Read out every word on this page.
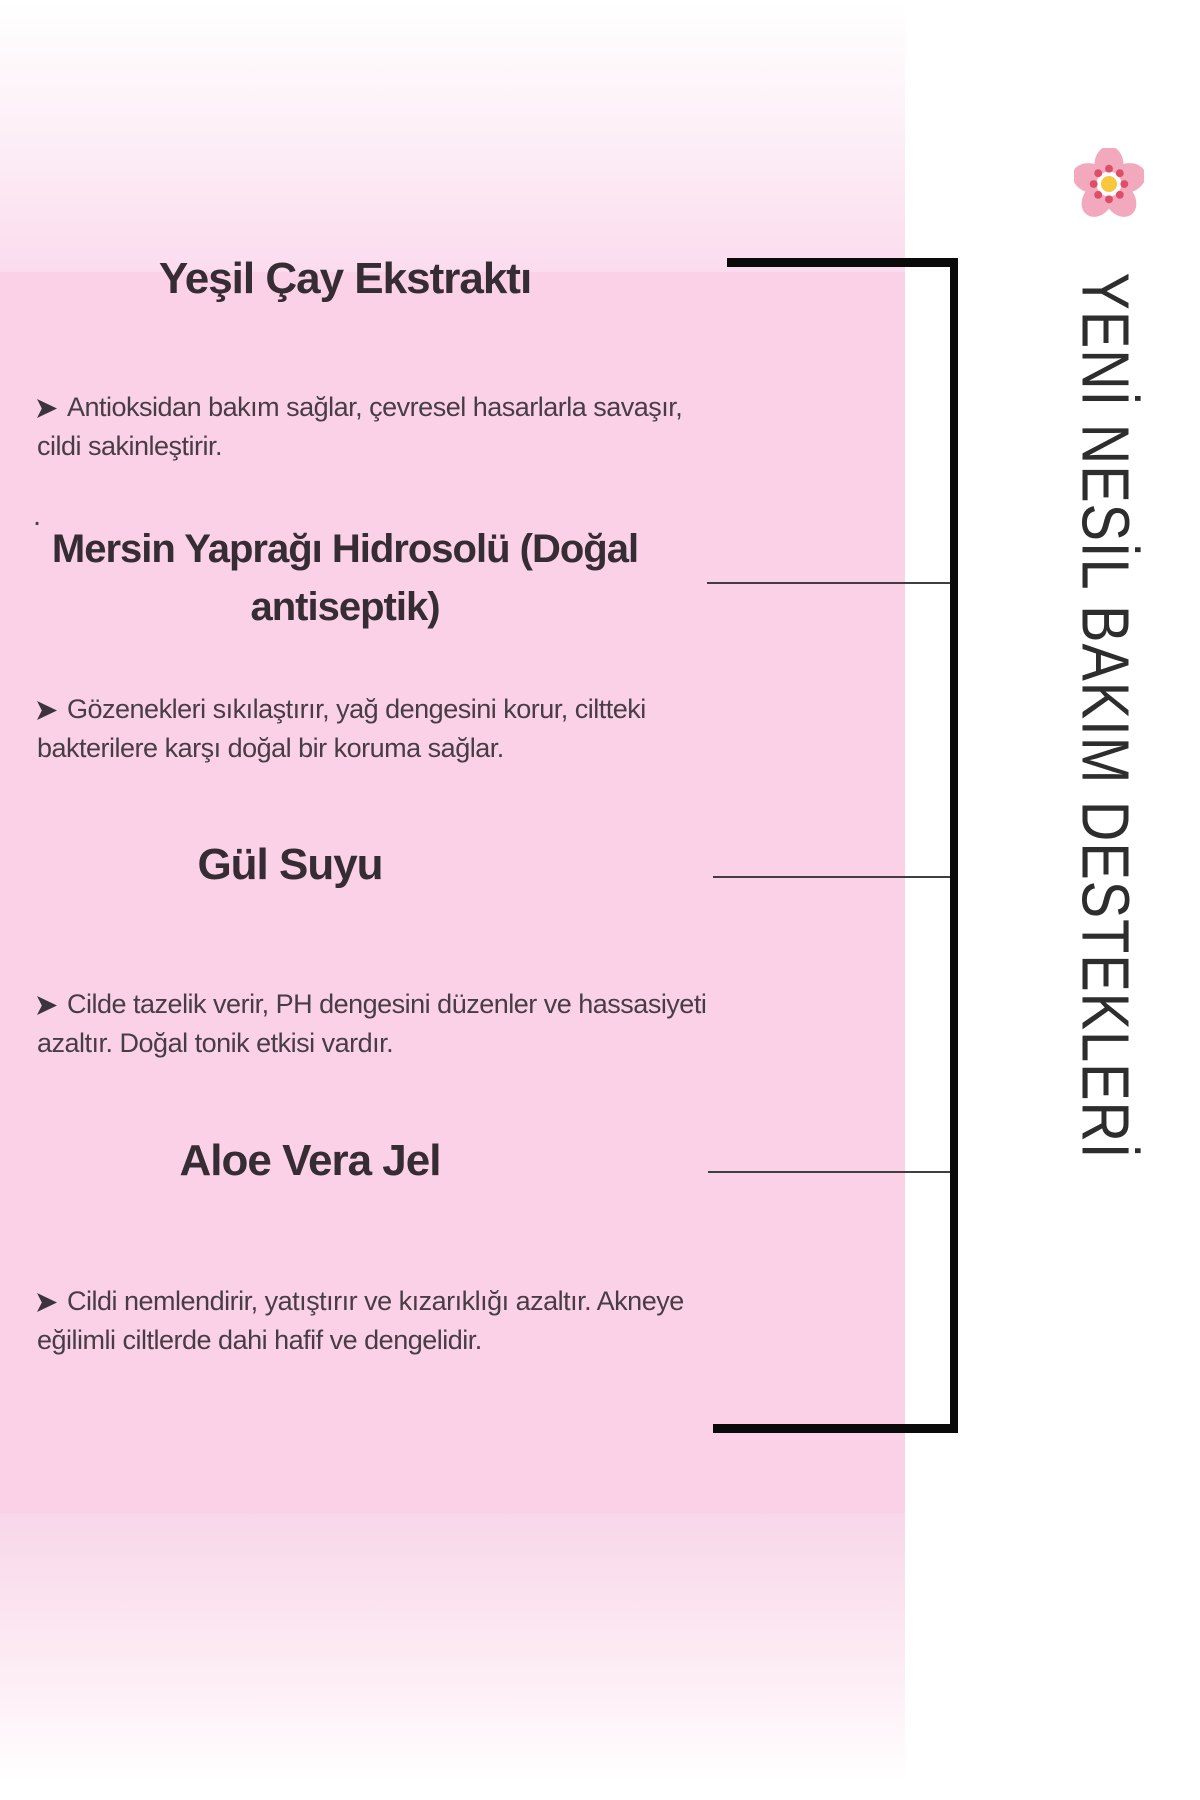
Yeşil Çay Ekstraktı
Antioksidan bakım sağlar, çevresel hasarlarla savaşır,
cildi sakinleştirir.
.
Mersin Yaprağı Hidrosolü (Doğal
antiseptik)
Gözenekleri sıkılaştırır, yağ dengesini korur, ciltteki
bakterilere karşı doğal bir koruma sağlar.
Gül Suyu
Cilde tazelik verir, PH dengesini düzenler ve hassasiyeti
azaltır. Doğal tonik etkisi vardır.
Aloe Vera Jel
Cildi nemlendirir, yatıştırır ve kızarıklığı azaltır. Akneye
eğilimli ciltlerde dahi hafif ve dengelidir.
YENİ NESİL BAKIM DESTEKLERİ
